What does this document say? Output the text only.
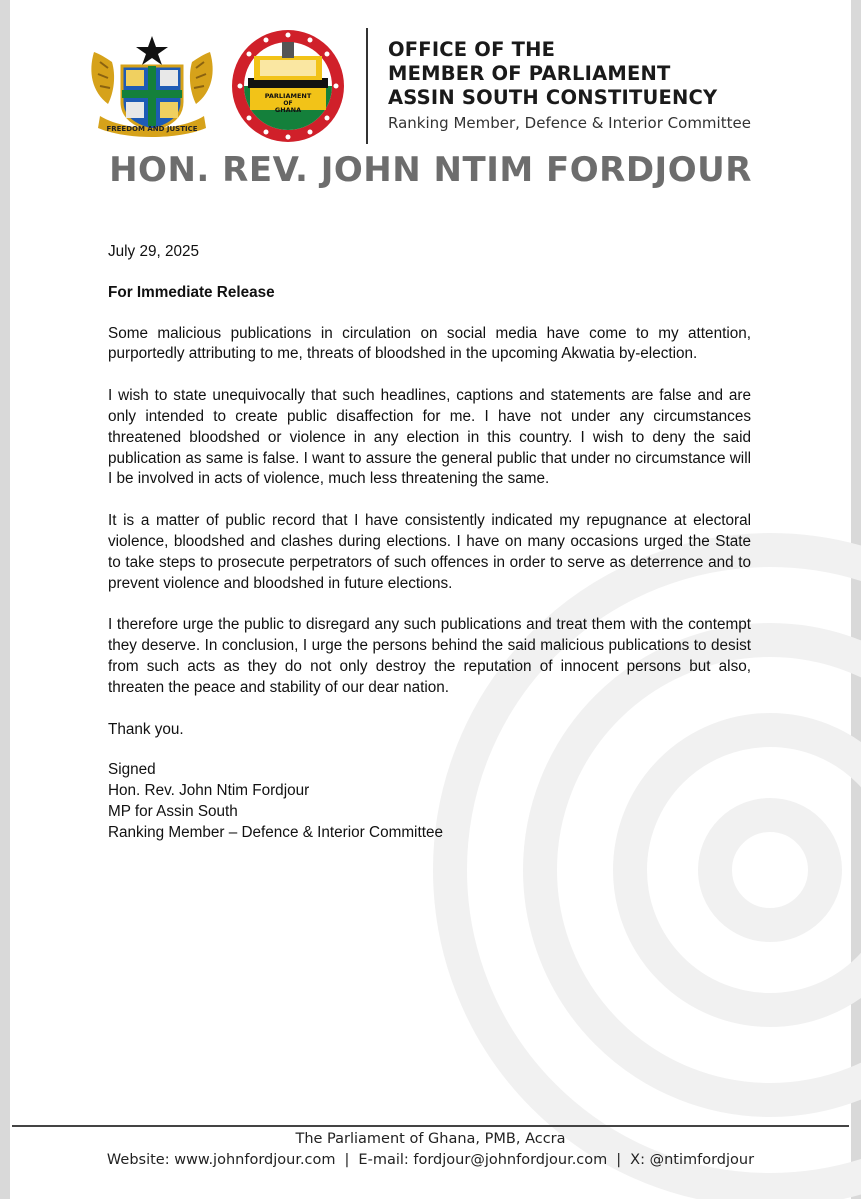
FREEDOM AND JUSTICE
PARLIAMENT
OF
GHANA
OFFICE OF THE
MEMBER OF PARLIAMENT
ASSIN SOUTH CONSTITUENCY
Ranking Member, Defence & Interior Committee
HON. REV. JOHN NTIM FORDJOUR

July 29, 2025

For Immediate Release

Some malicious publications in circulation on social media have come to my attention, purportedly attributing to me, threats of bloodshed in the upcoming Akwatia by-election.

I wish to state unequivocally that such headlines, captions and statements are false and are only intended to create public disaffection for me. I have not under any circumstances threatened bloodshed or violence in any election in this country. I wish to deny the said publication as same is false. I want to assure the general public that under no circumstance will I be involved in acts of violence, much less threatening the same.

It is a matter of public record that I have consistently indicated my repugnance at electoral violence, bloodshed and clashes during elections. I have on many occasions urged the State to take steps to prosecute perpetrators of such offences in order to serve as deterrence and to prevent violence and bloodshed in future elections.

I therefore urge the public to disregard any such publications and treat them with the contempt they deserve. In conclusion, I urge the persons behind the said malicious publications to desist from such acts as they do not only destroy the reputation of innocent persons but also, threaten the peace and stability of our dear nation.

Thank you.

Signed

Hon. Rev. John Ntim Fordjour

MP for Assin South

Ranking Member – Defence & Interior Committee

The Parliament of Ghana, PMB, Accra
Website: www.johnfordjour.com | E-mail: fordjour@johnfordjour.com | X: @ntimfordjour
